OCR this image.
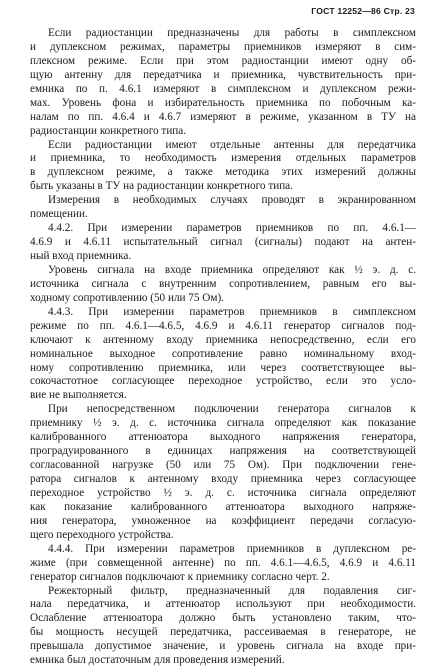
ГОСТ 12252—86 Стр. 23
Если радиостанции предназначены для работы в симплексном
и дуплексном режимах, параметры приемников измеряют в сим-
плексном режиме. Если при этом радиостанции имеют одну об-
щую антенну для передатчика и приемника, чувствительность при-
емника по п. 4.6.1 измеряют в симплексном и дуплексном режи-
мах. Уровень фона и избирательность приемника по побочным ка-
налам по пп. 4.6.4 и 4.6.7 измеряют в режиме, указанном в ТУ на
радиостанции конкретного типа.
Если радиостанции имеют отдельные антенны для передатчика
и приемника, то необходимость измерения отдельных параметров
в дуплексном режиме, а также методика этих измерений должны
быть указаны в ТУ на радиостанции конкретного типа.
Измерения в необходимых случаях проводят в экранированном
помещении.
4.4.2. При измерении параметров приемников по пп. 4.6.1—
4.6.9 и 4.6.11 испытательный сигнал (сигналы) подают на антен-
ный вход приемника.
Уровень сигнала на входе приемника определяют как ½ э. д. с.
источника сигнала с внутренним сопротивлением, равным его вы-
ходному сопротивлению (50 или 75 Ом).
4.4.3. При измерении параметров приемников в симплексном
режиме по пп. 4.6.1—4.6.5, 4.6.9 и 4.6.11 генератор сигналов под-
ключают к антенному входу приемника непосредственно, если его
номинальное выходное сопротивление равно номинальному вход-
ному сопротивлению приемника, или через соответствующее вы-
сокочастотное согласующее переходное устройство, если это усло-
вие не выполняется.
При непосредственном подключении генератора сигналов к
приемнику ½ э. д. с. источника сигнала определяют как показание
калиброванного аттенюатора выходного напряжения генератора,
проградуированного в единицах напряжения на соответствующей
согласованной нагрузке (50 или 75 Ом). При подключении гене-
ратора сигналов к антенному входу приемника через согласующее
переходное устройство ½ э. д. с. источника сигнала определяют
как показание калиброванного аттенюатора выходного напряже-
ния генератора, умноженное на коэффициент передачи согласую-
щего переходного устройства.
4.4.4. При измерении параметров приемников в дуплексном ре-
жиме (при совмещенной антенне) по пп. 4.6.1—4.6.5, 4.6.9 и 4.6.11
генератор сигналов подключают к приемнику согласно черт. 2.
Режекторный фильтр, предназначенный для подавления сиг-
нала передатчика, и аттенюатор используют при необходимости.
Ослабление аттенюатора должно быть установлено таким, что-
бы мощность несущей передатчика, рассеиваемая в генераторе, не
превышала допустимое значение, и уровень сигнала на входе при-
емника был достаточным для проведения измерений.
